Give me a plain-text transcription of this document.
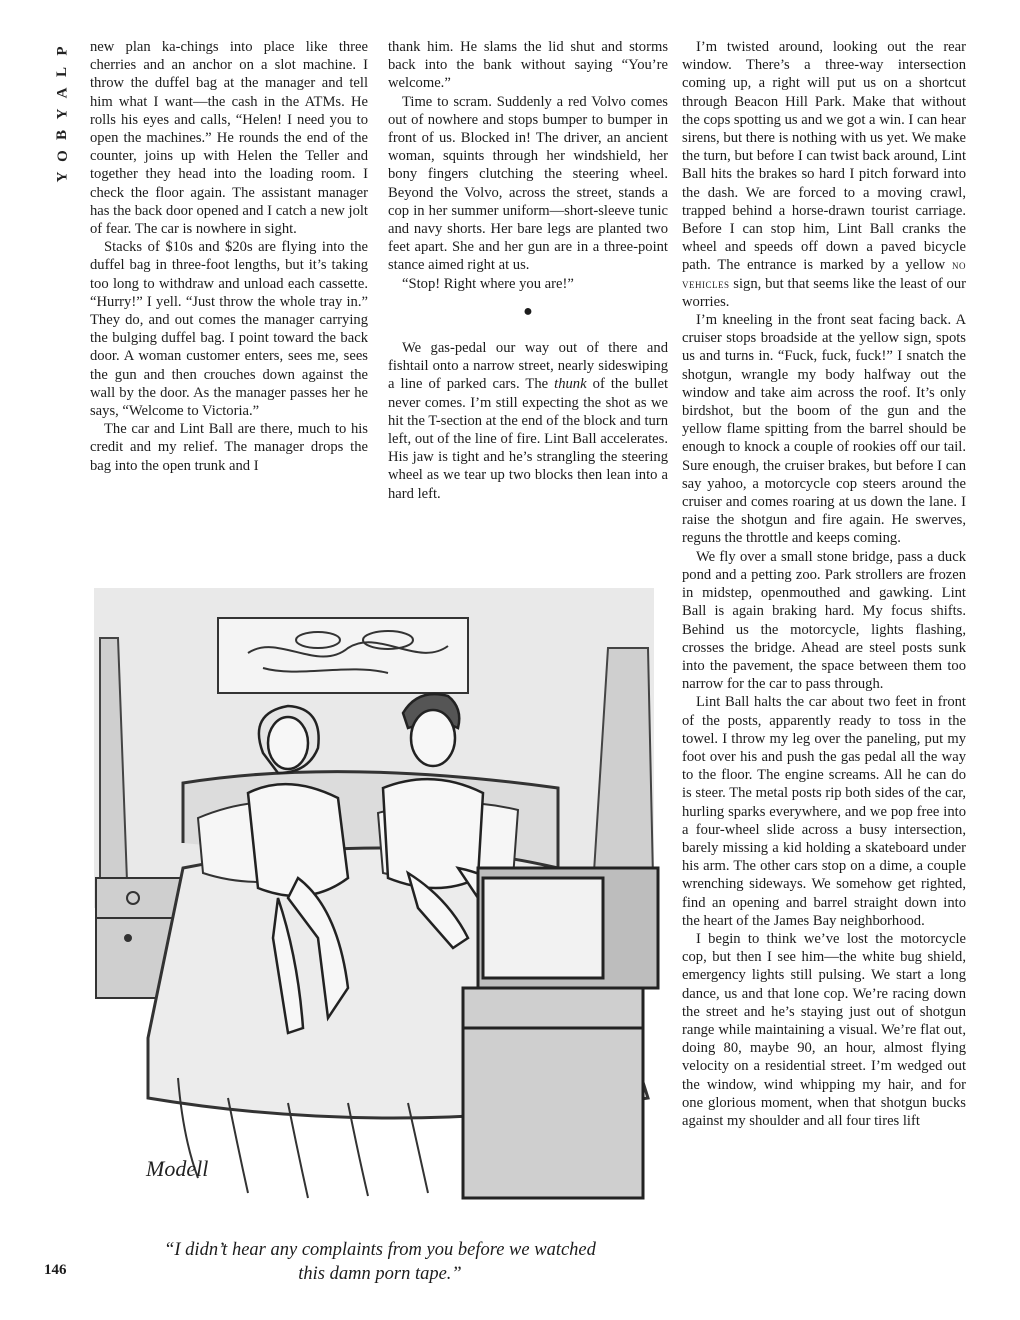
P
L
A
Y
B
O
Y

new plan ka-chings into place like three cherries and an anchor on a slot machine. I throw the duffel bag at the manager and tell him what I want—the cash in the ATMs. He rolls his eyes and calls, “Helen! I need you to open the machines.” He rounds the end of the counter, joins up with Helen the Teller and together they head into the loading room. I check the floor again. The assistant manager has the back door opened and I catch a new jolt of fear. The car is nowhere in sight.

Stacks of $10s and $20s are flying into the duffel bag in three-foot lengths, but it’s taking too long to withdraw and unload each cassette. “Hurry!” I yell. “Just throw the whole tray in.” They do, and out comes the manager carrying the bulging duffel bag. I point toward the back door. A woman customer enters, sees me, sees the gun and then crouches down against the wall by the door. As the manager passes her he says, “Welcome to Victoria.”

The car and Lint Ball are there, much to his credit and my relief. The manager drops the bag into the open trunk and I

thank him. He slams the lid shut and storms back into the bank without saying “You’re welcome.”

Time to scram. Suddenly a red Volvo comes out of nowhere and stops bumper to bumper in front of us. Blocked in! The driver, an ancient woman, squints through her windshield, her bony fingers clutching the steering wheel. Beyond the Volvo, across the street, stands a cop in her summer uniform—short-sleeve tunic and navy shorts. Her bare legs are planted two feet apart. She and her gun are in a three-point stance aimed right at us.

“Stop! Right where you are!”

●

We gas-pedal our way out of there and fishtail onto a narrow street, nearly sideswiping a line of parked cars. The thunk of the bullet never comes. I’m still expecting the shot as we hit the T-section at the end of the block and turn left, out of the line of fire. Lint Ball accelerates. His jaw is tight and he’s strangling the steering wheel as we tear up two blocks then lean into a hard left.

I’m twisted around, looking out the rear window. There’s a three-way intersection coming up, a right will put us on a shortcut through Beacon Hill Park. Make that without the cops spotting us and we got a win. I can hear sirens, but there is nothing with us yet. We make the turn, but before I can twist back around, Lint Ball hits the brakes so hard I pitch forward into the dash. We are forced to a moving crawl, trapped behind a horse-drawn tourist carriage. Before I can stop him, Lint Ball cranks the wheel and speeds off down a paved bicycle path. The entrance is marked by a yellow no vehicles sign, but that seems like the least of our worries.

I’m kneeling in the front seat facing back. A cruiser stops broadside at the yellow sign, spots us and turns in. “Fuck, fuck, fuck!” I snatch the shotgun, wrangle my body halfway out the window and take aim across the roof. It’s only birdshot, but the boom of the gun and the yellow flame spitting from the barrel should be enough to knock a couple of rookies off our tail. Sure enough, the cruiser brakes, but before I can say yahoo, a motorcycle cop steers around the cruiser and comes roaring at us down the lane. I raise the shotgun and fire again. He swerves, reguns the throttle and keeps coming.

We fly over a small stone bridge, pass a duck pond and a petting zoo. Park strollers are frozen in midstep, openmouthed and gawking. Lint Ball is again braking hard. My focus shifts. Behind us the motorcycle, lights flashing, crosses the bridge. Ahead are steel posts sunk into the pavement, the space between them too narrow for the car to pass through.

Lint Ball halts the car about two feet in front of the posts, apparently ready to toss in the towel. I throw my leg over the paneling, put my foot over his and push the gas pedal all the way to the floor. The engine screams. All he can do is steer. The metal posts rip both sides of the car, hurling sparks everywhere, and we pop free into a four-wheel slide across a busy intersection, barely missing a kid holding a skateboard under his arm. The other cars stop on a dime, a couple wrenching sideways. We somehow get righted, find an opening and barrel straight down into the heart of the James Bay neighborhood.

I begin to think we’ve lost the motorcycle cop, but then I see him—the white bug shield, emergency lights still pulsing. We start a long dance, us and that lone cop. We’re racing down the street and he’s staying just out of shotgun range while maintaining a visual. We’re flat out, doing 80, maybe 90, an hour, almost flying velocity on a residential street. I’m wedged out the window, wind whipping my hair, and for one glorious moment, when that shotgun bucks against my shoulder and all four tires lift

Modell
“I didn’t hear any complaints from you before we watched
this damn porn tape.”
146
